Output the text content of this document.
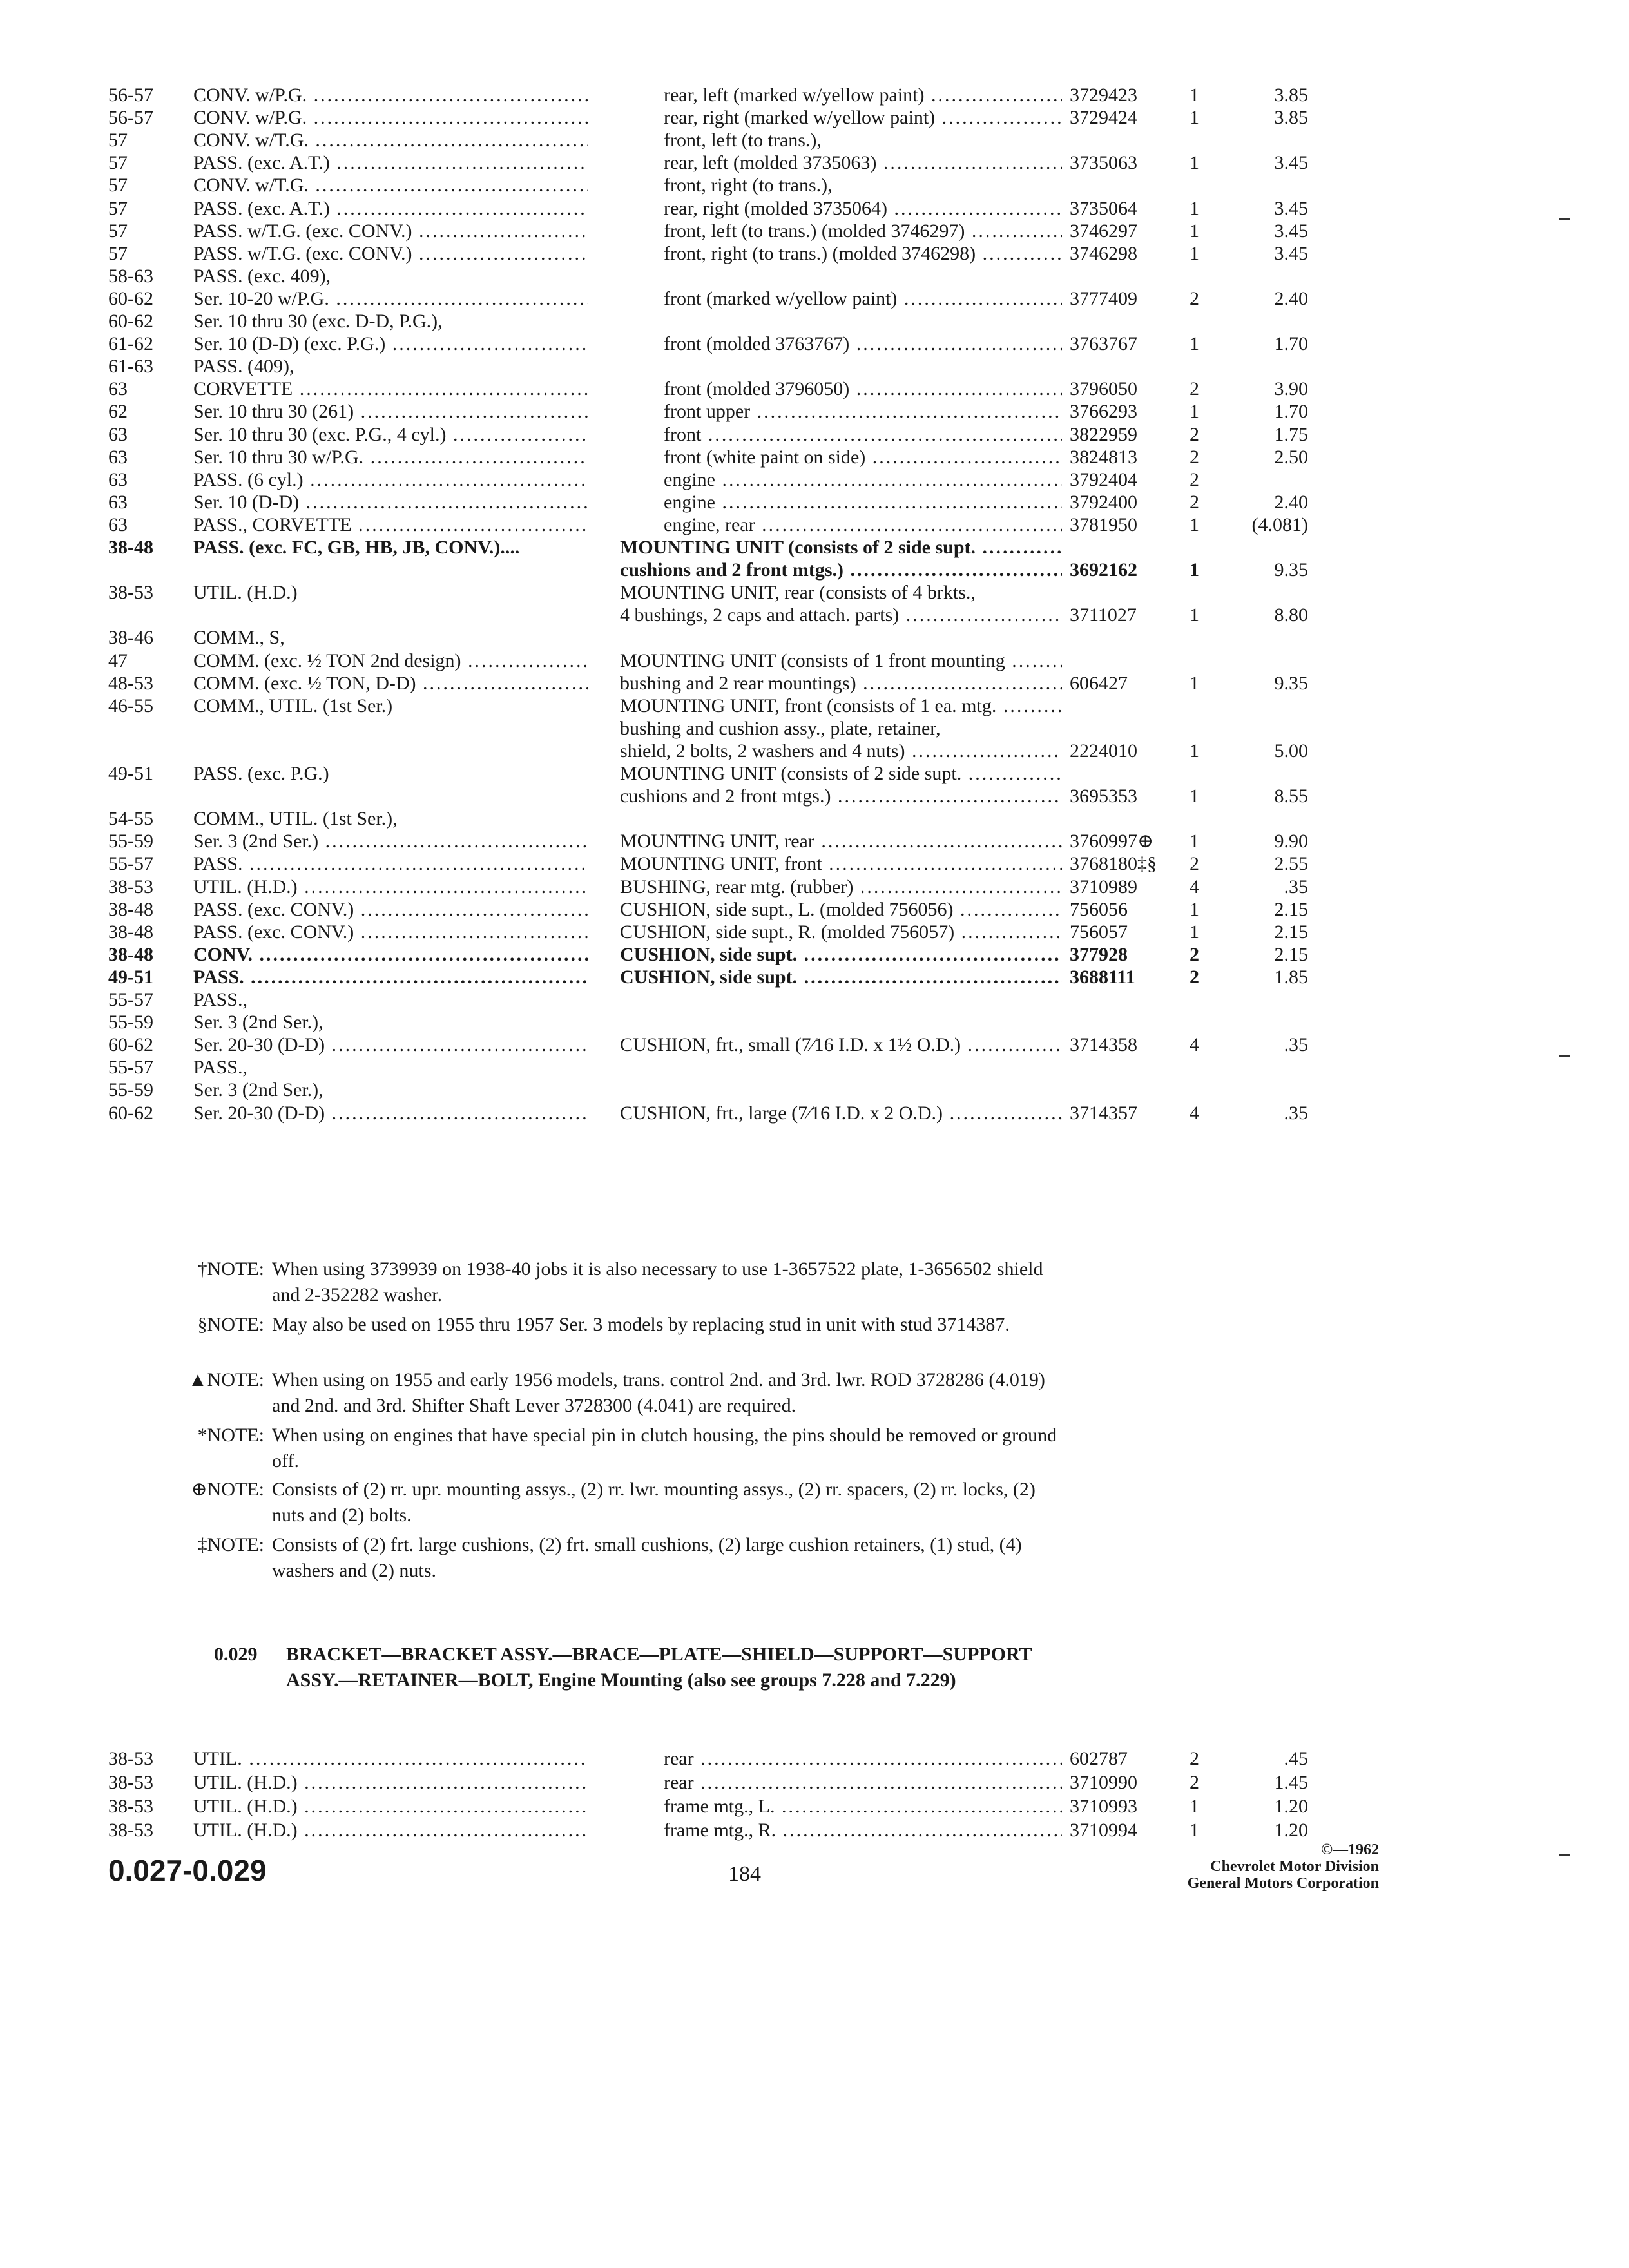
56-57	CONV. w/P.G. .....	rear, left (marked w/yellow paint) .....	3729423	1	3.85
56-57	CONV. w/P.G. .....	rear, right (marked w/yellow paint) .....	3729424	1	3.85
57	CONV. w/T.G. .....	front, left (to trans.),
57	PASS. (exc. A.T.) .....	rear, left (molded 3735063) .....	3735063	1	3.45
57	CONV. w/T.G. .....	front, right (to trans.),
57	PASS. (exc. A.T.) .....	rear, right (molded 3735064) .....	3735064	1	3.45
57	PASS. w/T.G. (exc. CONV.) .....	front, left (to trans.) (molded 3746297) .....	3746297	1	3.45
57	PASS. w/T.G. (exc. CONV.) .....	front, right (to trans.) (molded 3746298) .....	3746298	1	3.45
58-63	PASS. (exc. 409),
60-62	Ser. 10-20 w/P.G. .....	front (marked w/yellow paint) .....	3777409	2	2.40
60-62	Ser. 10 thru 30 (exc. D-D, P.G.),
61-62	Ser. 10 (D-D) (exc. P.G.) .....	front (molded 3763767) .....	3763767	1	1.70
61-63	PASS. (409),
63	CORVETTE .....	front (molded 3796050) .....	3796050	2	3.90
62	Ser. 10 thru 30 (261) .....	front upper .....	3766293	1	1.70
63	Ser. 10 thru 30 (exc. P.G., 4 cyl.) .....	front .....	3822959	2	1.75
63	Ser. 10 thru 30 w/P.G. .....	front (white paint on side) .....	3824813	2	2.50
63	PASS. (6 cyl.) .....	engine .....	3792404	2
63	Ser. 10 (D-D) .....	engine .....	3792400	2	2.40
63	PASS., CORVETTE .....	engine, rear .....	3781950	1	(4.081)
38-48	PASS. (exc. FC, GB, HB, JB, CONV.)....	MOUNTING UNIT (consists of 2 side supt. .....
cushions and 2 front mtgs.) .....	3692162	1	9.35
38-53	UTIL. (H.D.)	MOUNTING UNIT, rear (consists of 4 brkts.,
4 bushings, 2 caps and attach. parts) .....	3711027	1	8.80
38-46	COMM., S,
47	COMM. (exc. ½ TON 2nd design) .....	MOUNTING UNIT (consists of 1 front mounting .....
48-53	COMM. (exc. ½ TON, D-D) .....	bushing and 2 rear mountings) .....	606427	1	9.35
46-55	COMM., UTIL. (1st Ser.)	MOUNTING UNIT, front (consists of 1 ea. mtg. .....
bushing and cushion assy., plate, retainer,
shield, 2 bolts, 2 washers and 4 nuts) .....	2224010	1	5.00
49-51	PASS. (exc. P.G.)	MOUNTING UNIT (consists of 2 side supt. .....
cushions and 2 front mtgs.) .....	3695353	1	8.55
54-55	COMM., UTIL. (1st Ser.),
55-59	Ser. 3 (2nd Ser.) .....	MOUNTING UNIT, rear .....	3760997⊕	1	9.90
55-57	PASS. .....	MOUNTING UNIT, front .....	3768180‡§	2	2.55
38-53	UTIL. (H.D.) .....	BUSHING, rear mtg. (rubber) .....	3710989	4	.35
38-48	PASS. (exc. CONV.) .....	CUSHION, side supt., L. (molded 756056) .....	756056	1	2.15
38-48	PASS. (exc. CONV.) .....	CUSHION, side supt., R. (molded 756057) .....	756057	1	2.15
38-48	CONV. .....	CUSHION, side supt. .....	377928	2	2.15
49-51	PASS. .....	CUSHION, side supt. .....	3688111	2	1.85
55-57	PASS.,
55-59	Ser. 3 (2nd Ser.),
60-62	Ser. 20-30 (D-D) .....	CUSHION, frt., small (7⁄16 I.D. x 1½ O.D.) .....	3714358	4	.35
55-57	PASS.,
55-59	Ser. 3 (2nd Ser.),
60-62	Ser. 20-30 (D-D) .....	CUSHION, frt., large (7⁄16 I.D. x 2 O.D.) .....	3714357	4	.35
†NOTE: When using 3739939 on 1938-40 jobs it is also necessary to use 1-3657522 plate, 1-3656502 shield and 2-352282 washer.
§NOTE: May also be used on 1955 thru 1957 Ser. 3 models by replacing stud in unit with stud 3714387.
▲NOTE: When using on 1955 and early 1956 models, trans. control 2nd. and 3rd. lwr. ROD 3728286 (4.019) and 2nd. and 3rd. Shifter Shaft Lever 3728300 (4.041) are required.
*NOTE: When using on engines that have special pin in clutch housing, the pins should be removed or ground off.
⊕NOTE: Consists of (2) rr. upr. mounting assys., (2) rr. lwr. mounting assys., (2) rr. spacers, (2) rr. locks, (2) nuts and (2) bolts.
‡NOTE: Consists of (2) frt. large cushions, (2) frt. small cushions, (2) large cushion retainers, (1) stud, (4) washers and (2) nuts.
0.029 BRACKET—BRACKET ASSY.—BRACE—PLATE—SHIELD—SUPPORT—SUPPORT ASSY.—RETAINER—BOLT, Engine Mounting (also see groups 7.228 and 7.229)
38-53	UTIL. .....	rear .....	602787	2	.45
38-53	UTIL. (H.D.) .....	rear .....	3710990	2	1.45
38-53	UTIL. (H.D.) .....	frame mtg., L. .....	3710993	1	1.20
38-53	UTIL. (H.D.) .....	frame mtg., R. .....	3710994	1	1.20
0.027-0.029	184
©—1962
Chevrolet Motor Division
General Motors Corporation
